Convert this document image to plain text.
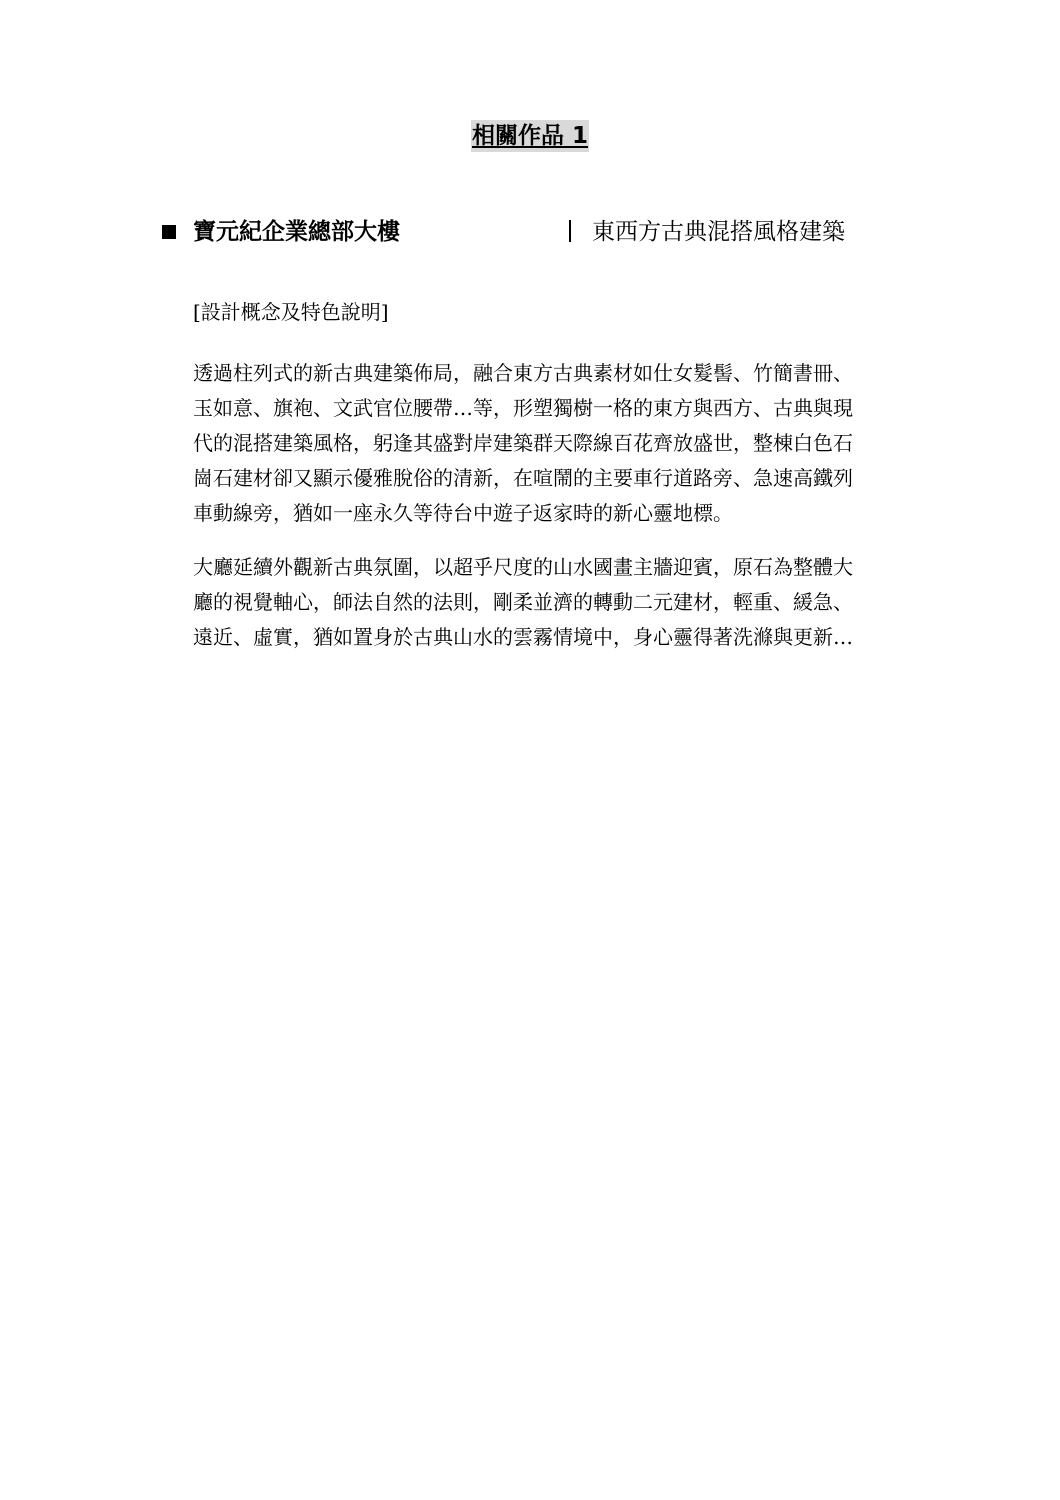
相關作品 1
寶元紀企業總部大樓	東西方古典混搭風格建築

[設計概念及特色說明]

透過柱列式的新古典建築佈局，融合東方古典素材如仕女髮髻、竹簡書冊、
玉如意、旗袍、文武官位腰帶…等，形塑獨樹一格的東方與西方、古典與現
代的混搭建築風格，躬逢其盛對岸建築群天際線百花齊放盛世，整棟白色石
崗石建材卻又顯示優雅脫俗的清新，在喧鬧的主要車行道路旁、急速高鐵列
車動線旁，猶如一座永久等待台中遊子返家時的新心靈地標。

大廳延續外觀新古典氛圍，以超乎尺度的山水國畫主牆迎賓，原石為整體大
廳的視覺軸心，師法自然的法則，剛柔並濟的轉動二元建材，輕重、緩急、
遠近、虛實，猶如置身於古典山水的雲霧情境中，身心靈得著洗滌與更新…
